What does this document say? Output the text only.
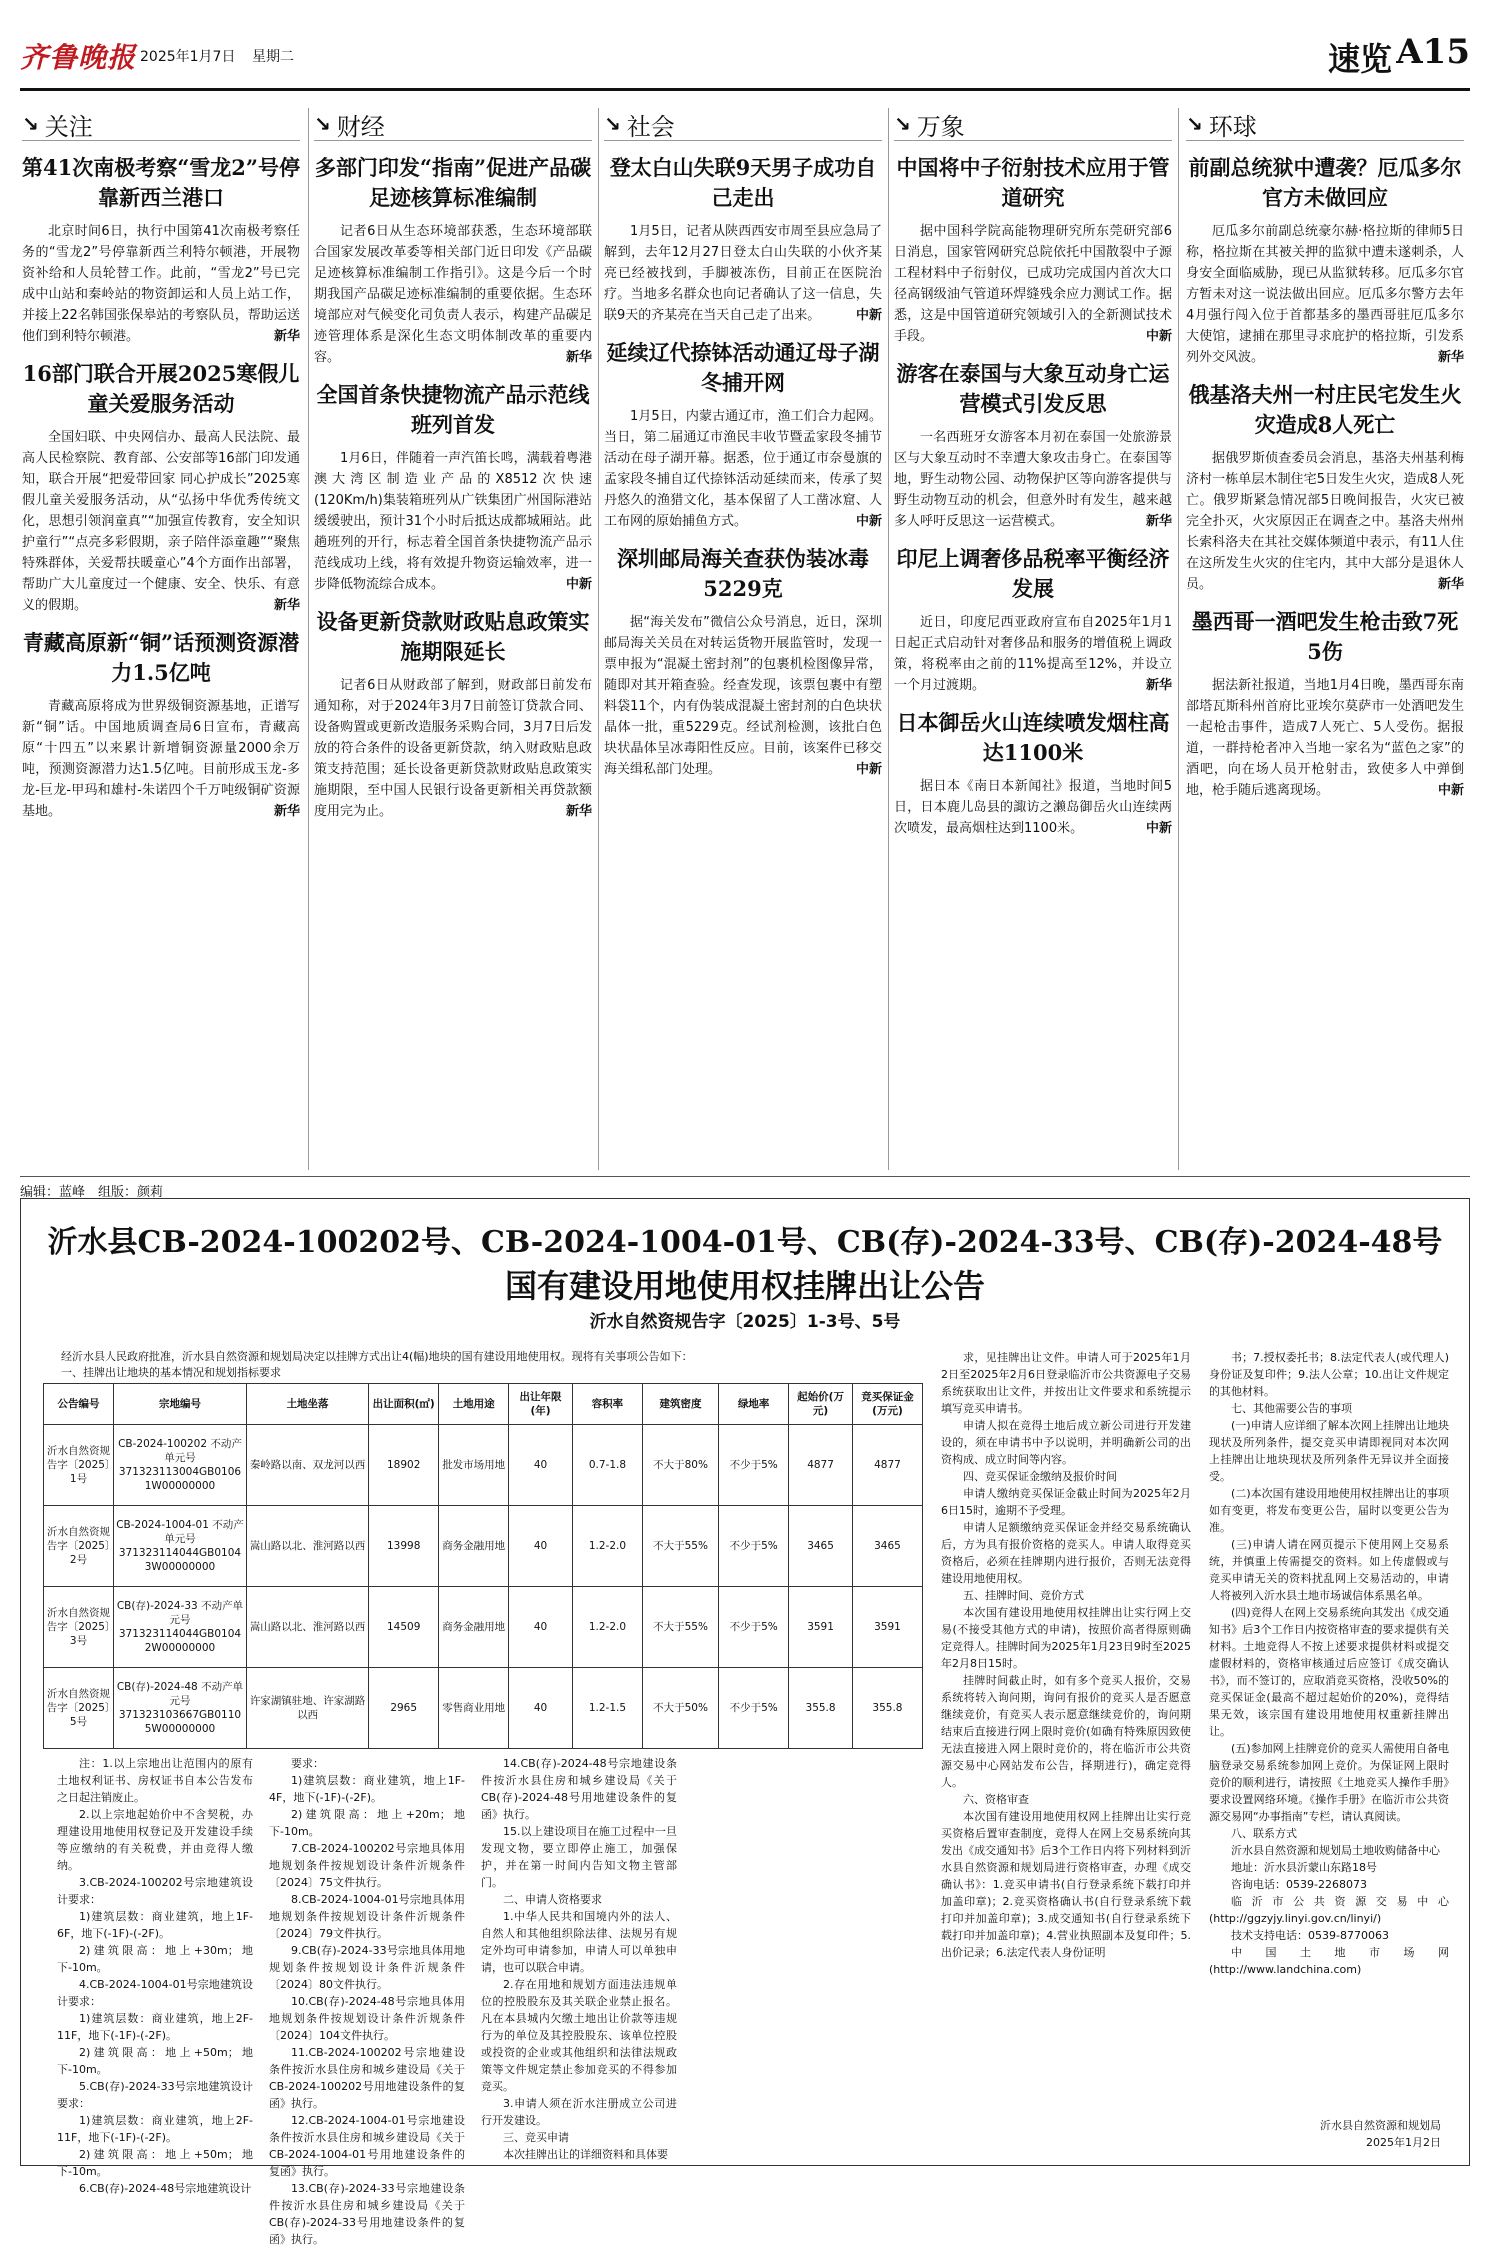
齐鲁晚报 2025年1月7日 星期二	速览 A15
↘ 关注
第41次南极考察“雪龙2”号停靠新西兰港口

北京时间6日，执行中国第41次南极考察任务的“雪龙2”号停靠新西兰利特尔顿港，开展物资补给和人员轮替工作。此前，“雪龙2”号已完成中山站和秦岭站的物资卸运和人员上站工作，并接上22名韩国张保皋站的考察队员，帮助运送他们到利特尔顿港。	新华

16部门联合开展2025寒假儿童关爱服务活动

全国妇联、中央网信办、最高人民法院、最高人民检察院、教育部、公安部等16部门印发通知，联合开展“把爱带回家 同心护成长”2025寒假儿童关爱服务活动，从“弘扬中华优秀传统文化，思想引领润童真”“加强宣传教育，安全知识护童行”“点亮多彩假期，亲子陪伴添童趣”“聚焦特殊群体，关爱帮扶暖童心”4个方面作出部署，帮助广大儿童度过一个健康、安全、快乐、有意义的假期。	新华

青藏高原新“铜”话预测资源潜力1.5亿吨

青藏高原将成为世界级铜资源基地，正谱写新“铜”话。中国地质调查局6日宣布，青藏高原“十四五”以来累计新增铜资源量2000余万吨，预测资源潜力达1.5亿吨。目前形成玉龙-多龙-巨龙-甲玛和雄村-朱诺四个千万吨级铜矿资源基地。	新华

↘ 财经
多部门印发“指南”促进产品碳足迹核算标准编制

记者6日从生态环境部获悉，生态环境部联合国家发展改革委等相关部门近日印发《产品碳足迹核算标准编制工作指引》。这是今后一个时期我国产品碳足迹标准编制的重要依据。生态环境部应对气候变化司负责人表示，构建产品碳足迹管理体系是深化生态文明体制改革的重要内容。	新华

全国首条快捷物流产品示范线班列首发

1月6日，伴随着一声汽笛长鸣，满载着粤港澳大湾区制造业产品的X8512次快速(120Km/h)集装箱班列从广铁集团广州国际港站缓缓驶出，预计31个小时后抵达成都城厢站。此趟班列的开行，标志着全国首条快捷物流产品示范线成功上线，将有效提升物资运输效率，进一步降低物流综合成本。	中新

设备更新贷款财政贴息政策实施期限延长

记者6日从财政部了解到，财政部日前发布通知称，对于2024年3月7日前签订贷款合同、设备购置或更新改造服务采购合同，3月7日后发放的符合条件的设备更新贷款，纳入财政贴息政策支持范围；延长设备更新贷款财政贴息政策实施期限，至中国人民银行设备更新相关再贷款额度用完为止。	新华

↘ 社会
登太白山失联9天男子成功自己走出

1月5日，记者从陕西西安市周至县应急局了解到，去年12月27日登太白山失联的小伙齐某亮已经被找到，手脚被冻伤，目前正在医院治疗。当地多名群众也向记者确认了这一信息，失联9天的齐某亮在当天自己走了出来。	中新

延续辽代捺钵活动通辽母子湖冬捕开网

1月5日，内蒙古通辽市，渔工们合力起网。当日，第二届通辽市渔民丰收节暨孟家段冬捕节活动在母子湖开幕。据悉，位于通辽市奈曼旗的孟家段冬捕自辽代捺钵活动延续而来，传承了契丹悠久的渔猎文化，基本保留了人工凿冰窟、人工布网的原始捕鱼方式。	中新

深圳邮局海关查获伪装冰毒5229克

据“海关发布”微信公众号消息，近日，深圳邮局海关关员在对转运货物开展监管时，发现一票申报为“混凝土密封剂”的包裹机检图像异常，随即对其开箱查验。经查发现，该票包裹中有塑料袋11个，内有伪装成混凝土密封剂的白色块状晶体一批，重5229克。经试剂检测，该批白色块状晶体呈冰毒阳性反应。目前，该案件已移交海关缉私部门处理。	中新

↘ 万象
中国将中子衍射技术应用于管道研究

据中国科学院高能物理研究所东莞研究部6日消息，国家管网研究总院依托中国散裂中子源工程材料中子衍射仪，已成功完成国内首次大口径高钢级油气管道环焊缝残余应力测试工作。据悉，这是中国管道研究领域引入的全新测试技术手段。	中新

游客在泰国与大象互动身亡运营模式引发反思

一名西班牙女游客本月初在泰国一处旅游景区与大象互动时不幸遭大象攻击身亡。在泰国等地，野生动物公园、动物保护区等向游客提供与野生动物互动的机会，但意外时有发生，越来越多人呼吁反思这一运营模式。	新华

印尼上调奢侈品税率平衡经济发展

近日，印度尼西亚政府宣布自2025年1月1日起正式启动针对奢侈品和服务的增值税上调政策，将税率由之前的11%提高至12%，并设立一个月过渡期。	新华

日本御岳火山连续喷发烟柱高达1100米

据日本《南日本新闻社》报道，当地时间5日，日本鹿儿岛县的諏访之濑岛御岳火山连续两次喷发，最高烟柱达到1100米。	中新

↘ 环球
前副总统狱中遭袭？厄瓜多尔官方未做回应

厄瓜多尔前副总统豪尔赫·格拉斯的律师5日称，格拉斯在其被关押的监狱中遭未遂刺杀，人身安全面临威胁，现已从监狱转移。厄瓜多尔官方暂未对这一说法做出回应。厄瓜多尔警方去年4月强行闯入位于首都基多的墨西哥驻厄瓜多尔大使馆，逮捕在那里寻求庇护的格拉斯，引发系列外交风波。	新华

俄基洛夫州一村庄民宅发生火灾造成8人死亡

据俄罗斯侦查委员会消息，基洛夫州基利梅济村一栋单层木制住宅5日发生火灾，造成8人死亡。俄罗斯紧急情况部5日晚间报告，火灾已被完全扑灭，火灾原因正在调查之中。基洛夫州州长索科洛夫在其社交媒体频道中表示，有11人住在这所发生火灾的住宅内，其中大部分是退休人员。	新华

墨西哥一酒吧发生枪击致7死5伤

据法新社报道，当地1月4日晚，墨西哥东南部塔瓦斯科州首府比亚埃尔莫萨市一处酒吧发生一起枪击事件，造成7人死亡、5人受伤。据报道，一群持枪者冲入当地一家名为“蓝色之家”的酒吧，向在场人员开枪射击，致使多人中弹倒地，枪手随后逃离现场。	中新

编辑：蓝峰　组版：颜莉
沂水县CB-2024-100202号、CB-2024-1004-01号、CB(存)-2024-33号、CB(存)-2024-48号
国有建设用地使用权挂牌出让公告
沂水自然资规告字〔2025〕1-3号、5号
经沂水县人民政府批准，沂水县自然资源和规划局决定以挂牌方式出让4(幅)地块的国有建设用地使用权。现将有关事项公告如下：
一、挂牌出让地块的基本情况和规划指标要求
公告编号	宗地编号	土地坐落	出让面积(㎡)	土地用途	出让年限(年)	容积率	建筑密度	绿地率	起始价(万元)	竞买保证金(万元)
沂水自然资规告字〔2025〕1号	CB-2024-100202 不动产单元号 371323113004GB0106 1W00000000	秦岭路以南、双龙河以西	18902	批发市场用地	40	0.7-1.8	不大于80%	不少于5%	4877	4877
沂水自然资规告字〔2025〕2号	CB-2024-1004-01 不动产单元号 371323114044GB0104 3W00000000	嵩山路以北、淮河路以西	13998	商务金融用地	40	1.2-2.0	不大于55%	不少于5%	3465	3465
沂水自然资规告字〔2025〕3号	CB(存)-2024-33 不动产单元号 371323114044GB0104 2W00000000	嵩山路以北、淮河路以西	14509	商务金融用地	40	1.2-2.0	不大于55%	不少于5%	3591	3591
沂水自然资规告字〔2025〕5号	CB(存)-2024-48 不动产单元号 371323103667GB0110 5W00000000	许家湖镇驻地、许家湖路以西	2965	零售商业用地	40	1.2-1.5	不大于50%	不少于5%	355.8	355.8

注：1.以上宗地出让范围内的原有土地权利证书、房权证书自本公告发布之日起注销废止。

2.以上宗地起始价中不含契税，办理建设用地使用权登记及开发建设手续等应缴纳的有关税费，并由竞得人缴纳。

3.CB-2024-100202号宗地建筑设计要求：

1)建筑层数：商业建筑，地上1F-6F，地下(-1F)-(-2F)。

2)建筑限高：地上+30m；地下-10m。

4.CB-2024-1004-01号宗地建筑设计要求：

1)建筑层数：商业建筑，地上2F-11F，地下(-1F)-(-2F)。

2)建筑限高：地上+50m；地下-10m。

5.CB(存)-2024-33号宗地建筑设计要求：

1)建筑层数：商业建筑，地上2F-11F，地下(-1F)-(-2F)。

2)建筑限高：地上+50m；地下-10m。

6.CB(存)-2024-48号宗地建筑设计

要求：

1)建筑层数：商业建筑，地上1F-4F，地下(-1F)-(-2F)。

2)建筑限高：地上+20m；地下-10m。

7.CB-2024-100202号宗地具体用地规划条件按规划设计条件沂规条件〔2024〕75文件执行。

8.CB-2024-1004-01号宗地具体用地规划条件按规划设计条件沂规条件〔2024〕79文件执行。

9.CB(存)-2024-33号宗地具体用地规划条件按规划设计条件沂规条件〔2024〕80文件执行。

10.CB(存)-2024-48号宗地具体用地规划条件按规划设计条件沂规条件〔2024〕104文件执行。

11.CB-2024-100202号宗地建设条件按沂水县住房和城乡建设局《关于CB-2024-100202号用地建设条件的复函》执行。

12.CB-2024-1004-01号宗地建设条件按沂水县住房和城乡建设局《关于CB-2024-1004-01号用地建设条件的复函》执行。

13.CB(存)-2024-33号宗地建设条件按沂水县住房和城乡建设局《关于CB(存)-2024-33号用地建设条件的复函》执行。

14.CB(存)-2024-48号宗地建设条件按沂水县住房和城乡建设局《关于CB(存)-2024-48号用地建设条件的复函》执行。

15.以上建设项目在施工过程中一旦发现文物，要立即停止施工，加强保护，并在第一时间内告知文物主管部门。

二、申请人资格要求

1.中华人民共和国境内外的法人、自然人和其他组织除法律、法规另有规定外均可申请参加，申请人可以单独申请，也可以联合申请。

2.存在用地和规划方面违法违规单位的控股股东及其关联企业禁止报名。凡在本县城内欠缴土地出让价款等违规行为的单位及其控股股东、该单位控股或投资的企业或其他组织和法律法规政策等文件规定禁止参加竞买的不得参加竞买。

3.申请人须在沂水注册成立公司进行开发建设。

三、竞买申请

本次挂牌出让的详细资料和具体要

求，见挂牌出让文件。申请人可于2025年1月2日至2025年2月6日登录临沂市公共资源电子交易系统获取出让文件，并按出让文件要求和系统提示填写竞买申请书。

申请人拟在竞得土地后成立新公司进行开发建设的，须在申请书中予以说明，并明确新公司的出资构成、成立时间等内容。

四、竞买保证金缴纳及报价时间

申请人缴纳竞买保证金截止时间为2025年2月6日15时，逾期不予受理。

申请人足额缴纳竞买保证金并经交易系统确认后，方为具有报价资格的竞买人。申请人取得竞买资格后，必须在挂牌期内进行报价，否则无法竞得建设用地使用权。

五、挂牌时间、竞价方式

本次国有建设用地使用权挂牌出让实行网上交易(不接受其他方式的申请)，按照价高者得原则确定竞得人。挂牌时间为2025年1月23日9时至2025年2月8日15时。

挂牌时间截止时，如有多个竞买人报价，交易系统将转入询问期，询问有报价的竞买人是否愿意继续竞价，有竞买人表示愿意继续竞价的，询问期结束后直接进行网上限时竞价(如确有特殊原因致使无法直接进入网上限时竞价的，将在临沂市公共资源交易中心网站发布公告，择期进行)，确定竞得人。

六、资格审查

本次国有建设用地使用权网上挂牌出让实行竞买资格后置审查制度，竞得人在网上交易系统向其发出《成交通知书》后3个工作日内将下列材料到沂水县自然资源和规划局进行资格审查，办理《成交确认书》：1.竞买申请书(自行登录系统下载打印并加盖印章)；2.竞买资格确认书(自行登录系统下载打印并加盖印章)；3.成交通知书(自行登录系统下载打印并加盖印章)；4.营业执照副本及复印件；5.出价记录；6.法定代表人身份证明

书；7.授权委托书；8.法定代表人(或代理人)身份证及复印件；9.法人公章；10.出让文件规定的其他材料。

七、其他需要公告的事项

(一)申请人应详细了解本次网上挂牌出让地块现状及所列条件，提交竞买申请即视同对本次网上挂牌出让地块现状及所列条件无异议并全面接受。

(二)本次国有建设用地使用权挂牌出让的事项如有变更，将发布变更公告，届时以变更公告为准。

(三)申请人请在网页提示下使用网上交易系统，并慎重上传需提交的资料。如上传虚假或与竞买申请无关的资料扰乱网上交易活动的，申请人将被列入沂水县土地市场诚信体系黑名单。

(四)竞得人在网上交易系统向其发出《成交通知书》后3个工作日内按资格审查的要求提供有关材料。土地竞得人不按上述要求提供材料或提交虚假材料的，资格审核通过后应签订《成交确认书》，而不签订的，应取消竞买资格，没收50%的竞买保证金(最高不超过起始价的20%)，竞得结果无效，该宗国有建设用地使用权重新挂牌出让。

(五)参加网上挂牌竞价的竞买人需使用自备电脑登录交易系统参加网上竞价。为保证网上限时竞价的顺利进行，请按照《土地竞买人操作手册》要求设置网络环境。《操作手册》在临沂市公共资源交易网“办事指南”专栏，请认真阅读。

八、联系方式

沂水县自然资源和规划局土地收购储备中心

地址：沂水县沂蒙山东路18号

咨询电话：0539-2268073

临沂市公共资源交易中心(http://ggzyjy.linyi.gov.cn/linyi/)

技术支持电话：0539-8770063

中国土地市场网(http://www.landchina.com)

沂水县自然资源和规划局
2025年1月2日
